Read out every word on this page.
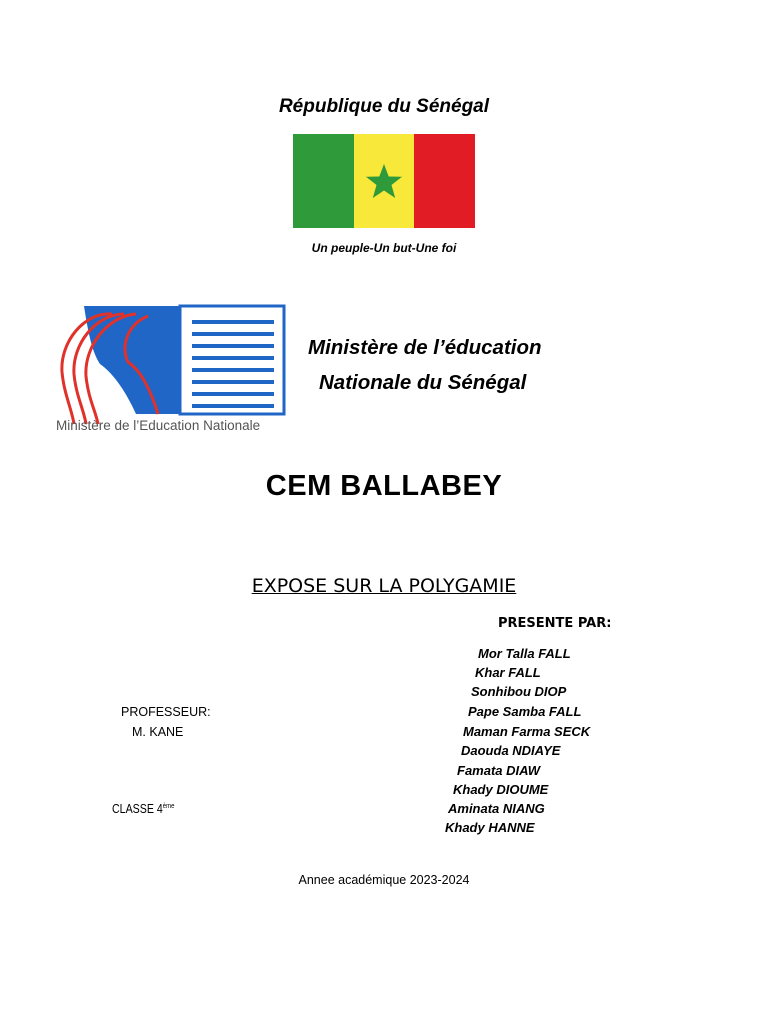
République du Sénégal
Un peuple-Un but-Une foi
Ministère de l’Education Nationale
Ministère de l’éducation
Nationale du Sénégal
CEM BALLABEY
EXPOSE SUR LA POLYGAMIE
PRESENTE PAR:
Mor Talla FALL
Khar FALL
Sonhibou DIOP
Pape Samba FALL
Maman Farma SECK
Daouda NDIAYE
Famata DIAW
Khady DIOUME
Aminata NIANG
Khady HANNE
PROFESSEUR:
M. KANE
CLASSE 4ème
Annee académique 2023-2024
